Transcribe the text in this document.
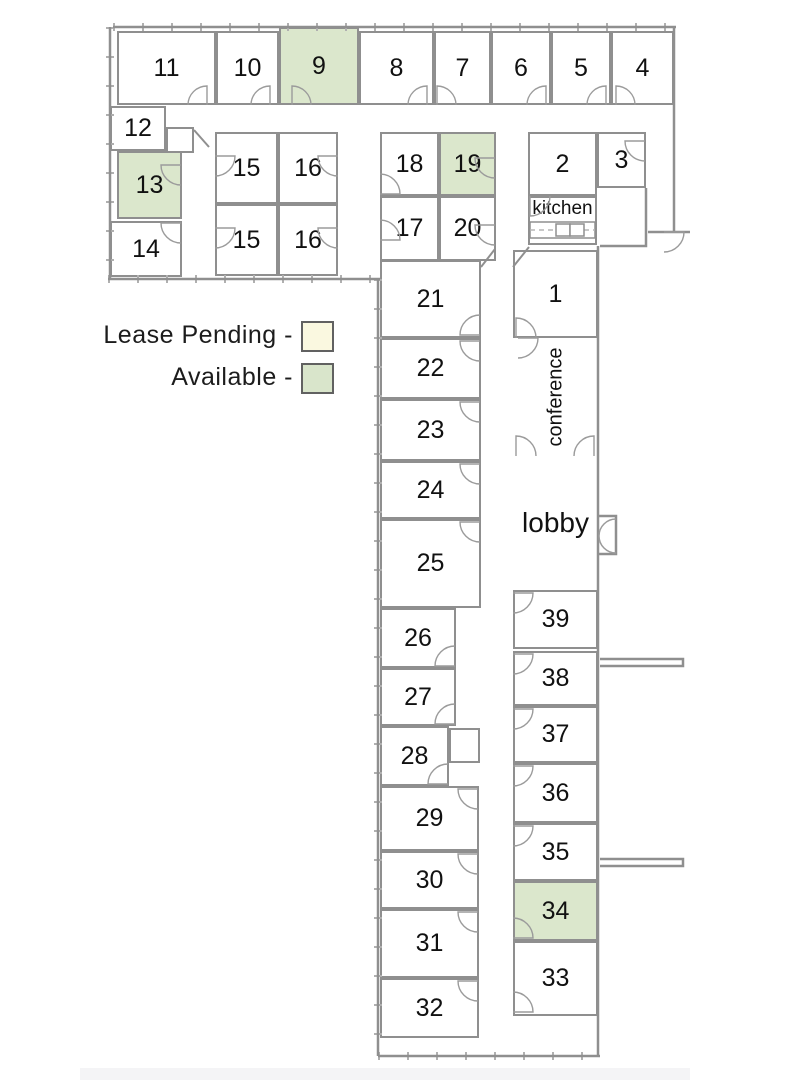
11 10 9	8 7 6 5 4
12
13
14
15 16
15 16
18 19
17 20
2 3
kitchen
1
conference
lobby
21
22
23
24
25
26
27
28
29
30
31
32
39
38
37
36
35
34
33
Lease Pending -
Available -
